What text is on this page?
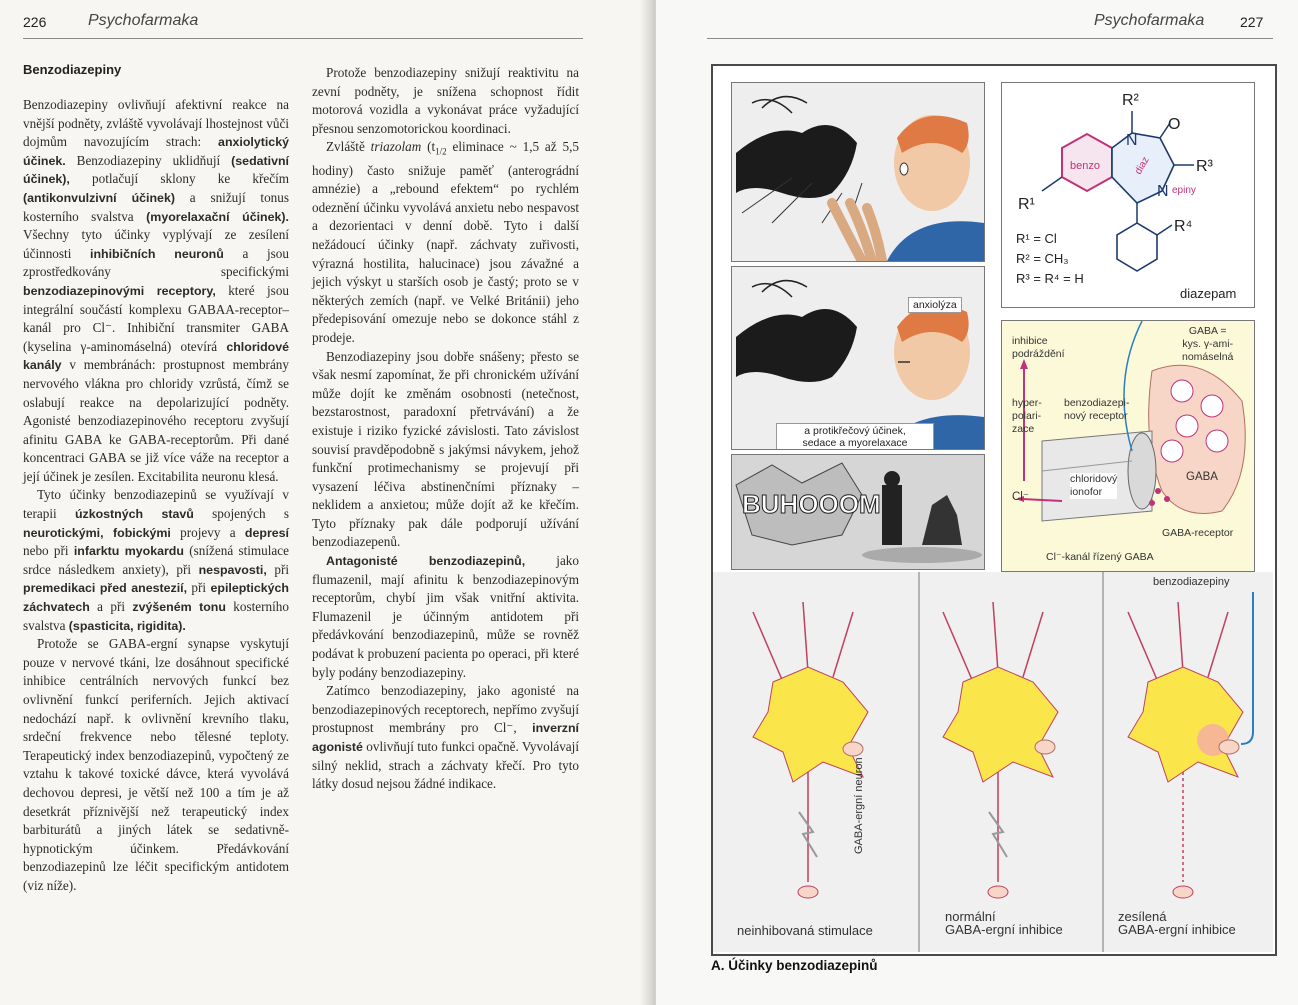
226	Psychofarmaka
Benzodiazepiny

Benzodiazepiny ovlivňují afektivní reakce na vnější podněty, zvláště vyvolávají lhostejnost vůči dojmům navozujícím strach: anxiolytický účinek. Benzodiazepiny uklidňují (sedativní účinek), potlačují sklony ke křečím (antikonvulzivní účinek) a snižují tonus kosterního svalstva (myorelaxační účinek). Všechny tyto účinky vyplývají ze zesílení účinnosti inhibičních neuronů a jsou zprostředkovány specifickými benzodiazepinovými receptory, které jsou integrální součástí komplexu GABAA-receptor–kanál pro Cl⁻. Inhibiční transmiter GABA (kyselina γ-aminomáselná) otevírá chloridové kanály v membránách: prostupnost membrány nervového vlákna pro chloridy vzrůstá, čímž se oslabují reakce na depolarizující podněty. Agonisté benzodiazepinového receptoru zvyšují afinitu GABA ke GABA-receptorům. Při dané koncentraci GABA se již více váže na receptor a její účinek je zesílen. Excitabilita neuronu klesá.

Tyto účinky benzodiazepinů se využívají v terapii úzkostných stavů spojených s neurotickými, fobickými projevy a depresí nebo při infarktu myokardu (snížená stimulace srdce následkem anxiety), při nespavosti, při premedikaci před anestezií, při epileptických záchvatech a při zvýšeném tonu kosterního svalstva (spasticita, rigidita).

Protože se GABA-ergní synapse vyskytují pouze v nervové tkáni, lze dosáhnout specifické inhibice centrálních nervových funkcí bez ovlivnění funkcí periferních. Jejich aktivací nedochází např. k ovlivnění krevního tlaku, srdeční frekvence nebo tělesné teploty. Terapeutický index benzodiazepinů, vypočtený ze vztahu k takové toxické dávce, která vyvolává dechovou depresi, je větší než 100 a tím je až desetkrát příznivější než terapeutický index barbiturátů a jiných látek se sedativně-hypnotickým účinkem. Předávkování benzodiazepinů lze léčit specifickým antidotem (viz níže).

Protože benzodiazepiny snižují reaktivitu na zevní podněty, je snížena schopnost řídit motorová vozidla a vykonávat práce vyžadující přesnou senzomotorickou koordinaci.

Zvláště triazolam ($t_{1/2}$ eliminace ~ 1,5 až 5,5 hodiny) často snižuje paměť (anterográdní amnézie) a „rebound efektem“ po rychlém odeznění účinku vyvolává anxietu nebo nespavost a dezorientaci v denní době. Tyto i další nežádoucí účinky (např. záchvaty zuřivosti, výrazná hostilita, halucinace) jsou závažné a jejich výskyt u starších osob je častý; proto se v některých zemích (např. ve Velké Británii) jeho předepisování omezuje nebo se dokonce stáhl z prodeje.

Benzodiazepiny jsou dobře snášeny; přesto se však nesmí zapomínat, že při chronickém užívání může dojít ke změnám osobnosti (netečnost, bezstarostnost, paradoxní přetrvávání) a že existuje i riziko fyzické závislosti. Tato závislost souvisí pravděpodobně s jakýmsi návykem, jehož funkční protimechanismy se projevují při vysazení léčiva abstinenčními příznaky – neklidem a anxietou; může dojít až ke křečím. Tyto příznaky pak dále podporují užívání benzodiazepenů.

Antagonisté benzodiazepinů, jako flumazenil, mají afinitu k benzodiazepinovým receptorům, chybí jim však vnitřní aktivita. Flumazenil je účinným antidotem při předávkování benzodiazepinů, může se rovněž podávat k probuzení pacienta po operaci, při které byly podány benzodiazepiny.

Zatímco benzodiazepiny, jako agonisté na benzodiazepinových receptorech, nepřímo zvyšují prostupnost membrány pro Cl⁻, inverzní agonisté ovlivňují tuto funkci opačně. Vyvolávají silný neklid, strach a záchvaty křečí. Pro tyto látky dosud nejsou žádné indikace.

Psychofarmaka	227
anxiolýza
a protikřečový účinek,
sedace a myorelaxace
BUHOOOM
R²
N
O
R³
N
R¹
R⁴
benzo	diaz
epiny
R¹ = Cl
R² = CH₃
R³ = R⁴ = H
diazepam
inhibice
podráždění
hyper-
polari-
zace
benzodiazepi-
nový receptor
GABA =
kys. γ-ami-
nomáselná
chloridový
ionofor
Cl⁻
GABA
GABA-receptor
Cl⁻-kanál řízený GABA
benzodiazepiny
GABA-ergní neuron
neinhibovaná stimulace
normální
GABA-ergní inhibice
zesílená
GABA-ergní inhibice
A. Účinky benzodiazepinů
